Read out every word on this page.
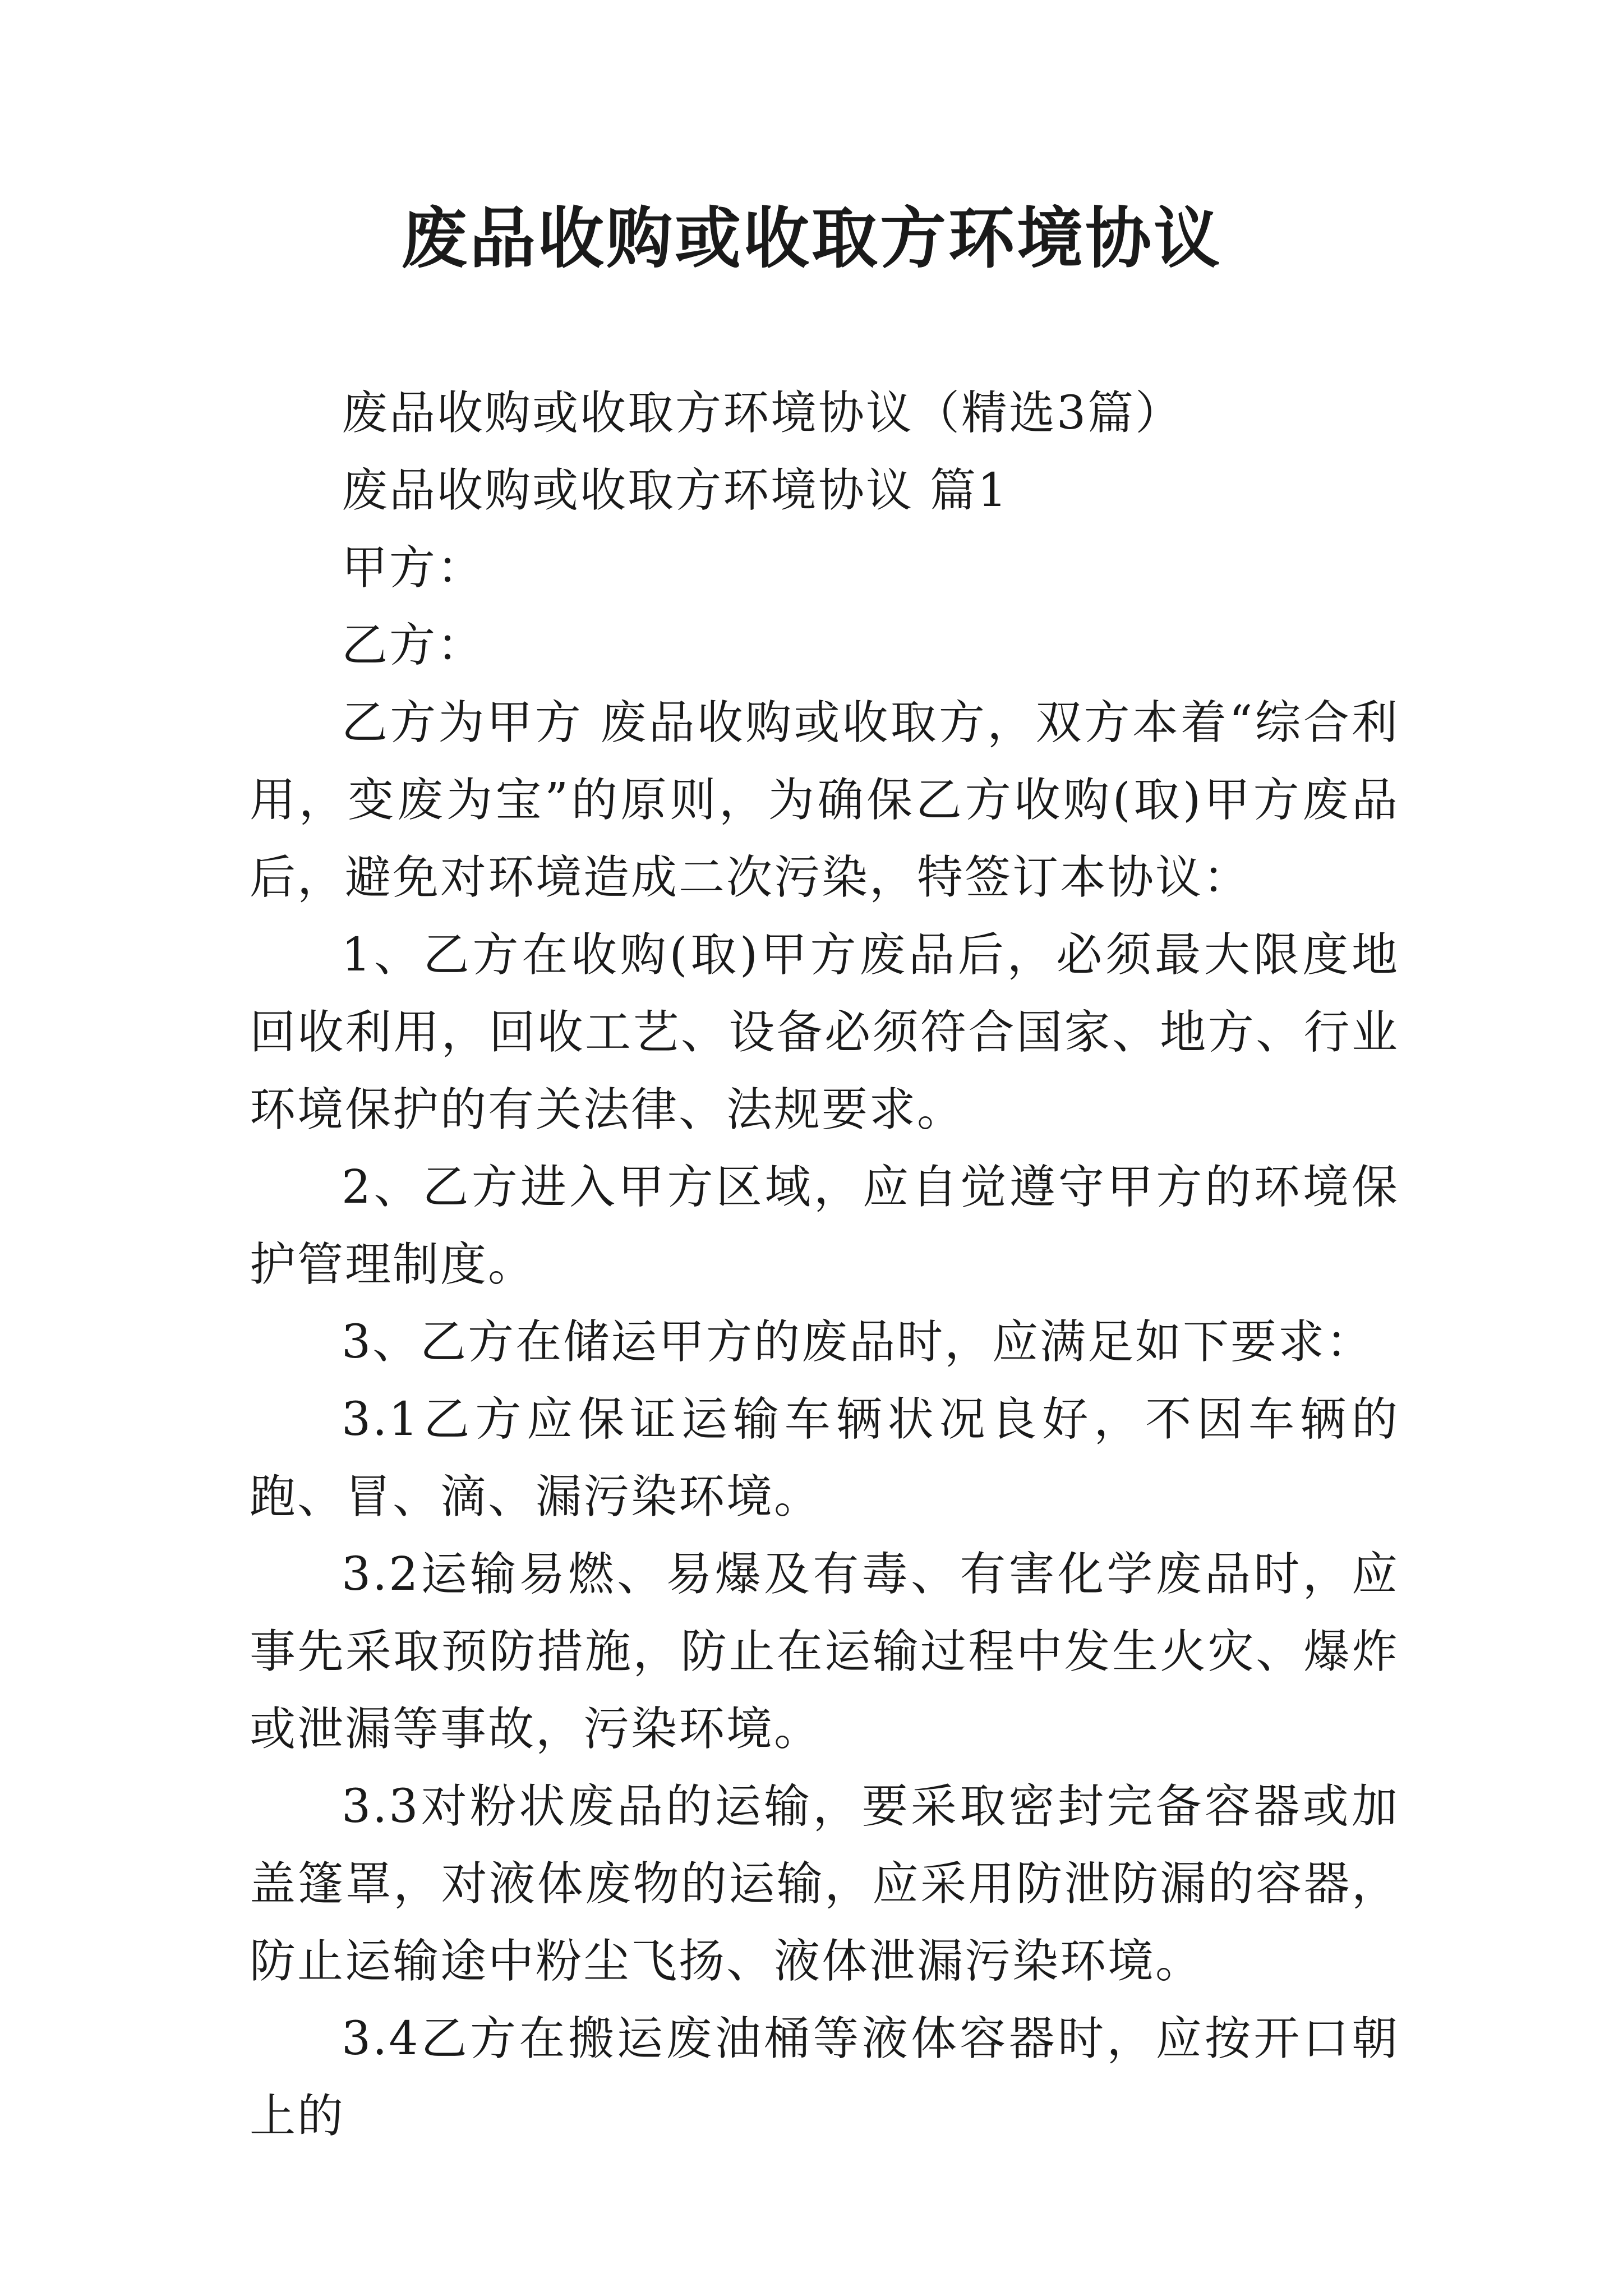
废品收购或收取方环境协议

废品收购或收取方环境协议（精选3篇）

废品收购或收取方环境协议 篇1

甲方：

乙方：

乙方为甲方 废品收购或收取方，双方本着“综合利用，变废为宝”的原则，为确保乙方收购(取)甲方废品后，避免对环境造成二次污染，特签订本协议：

1、乙方在收购(取)甲方废品后，必须最大限度地回收利用，回收工艺、设备必须符合国家、地方、行业环境保护的有关法律、法规要求。

2、乙方进入甲方区域，应自觉遵守甲方的环境保护管理制度。

3、乙方在储运甲方的废品时，应满足如下要求：

3.1乙方应保证运输车辆状况良好，不因车辆的跑、冒、滴、漏污染环境。

3.2运输易燃、易爆及有毒、有害化学废品时，应事先采取预防措施，防止在运输过程中发生火灾、爆炸或泄漏等事故，污染环境。

3.3对粉状废品的运输，要采取密封完备容器或加盖篷罩，对液体废物的运输，应采用防泄防漏的容器，防止运输途中粉尘飞扬、液体泄漏污染环境。

3.4乙方在搬运废油桶等液体容器时，应按开口朝上的
